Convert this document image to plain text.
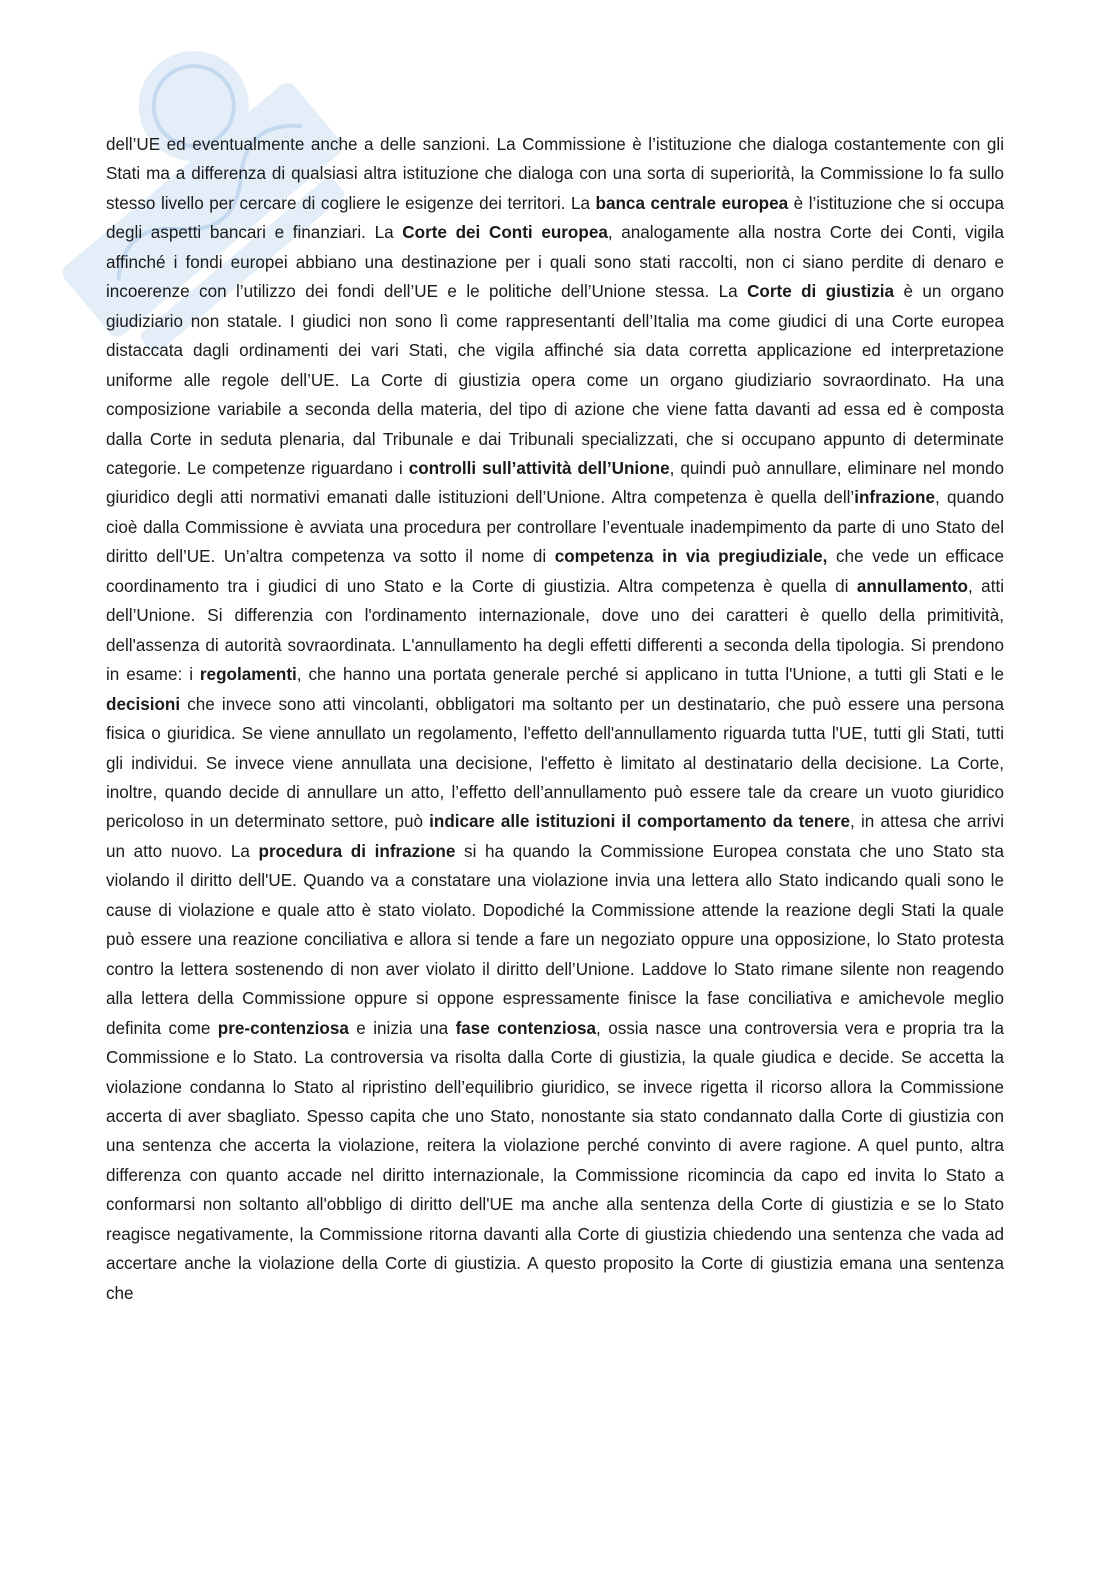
dell’UE ed eventualmente anche a delle sanzioni. La Commissione è l’istituzione che dialoga costantemente con gli Stati ma a differenza di qualsiasi altra istituzione che dialoga con una sorta di superiorità, la Commissione lo fa sullo stesso livello per cercare di cogliere le esigenze dei territori. La banca centrale europea è l’istituzione che si occupa degli aspetti bancari e finanziari. La Corte dei Conti europea, analogamente alla nostra Corte dei Conti, vigila affinché i fondi europei abbiano una destinazione per i quali sono stati raccolti, non ci siano perdite di denaro e incoerenze con l’utilizzo dei fondi dell’UE e le politiche dell’Unione stessa. La Corte di giustizia è un organo giudiziario non statale. I giudici non sono lì come rappresentanti dell’Italia ma come giudici di una Corte europea distaccata dagli ordinamenti dei vari Stati, che vigila affinché sia data corretta applicazione ed interpretazione uniforme alle regole dell’UE. La Corte di giustizia opera come un organo giudiziario sovraordinato. Ha una composizione variabile a seconda della materia, del tipo di azione che viene fatta davanti ad essa ed è composta dalla Corte in seduta plenaria, dal Tribunale e dai Tribunali specializzati, che si occupano appunto di determinate categorie. Le competenze riguardano i controlli sull’attività dell’Unione, quindi può annullare, eliminare nel mondo giuridico degli atti normativi emanati dalle istituzioni dell’Unione. Altra competenza è quella dell’infrazione, quando cioè dalla Commissione è avviata una procedura per controllare l’eventuale inadempimento da parte di uno Stato del diritto dell’UE. Un’altra competenza va sotto il nome di competenza in via pregiudiziale, che vede un efficace coordinamento tra i giudici di uno Stato e la Corte di giustizia. Altra competenza è quella di annullamento, atti dell’Unione. Si differenzia con l'ordinamento internazionale, dove uno dei caratteri è quello della primitività, dell'assenza di autorità sovraordinata. L'annullamento ha degli effetti differenti a seconda della tipologia. Si prendono in esame: i regolamenti, che hanno una portata generale perché si applicano in tutta l'Unione, a tutti gli Stati e le decisioni che invece sono atti vincolanti, obbligatori ma soltanto per un destinatario, che può essere una persona fisica o giuridica. Se viene annullato un regolamento, l'effetto dell'annullamento riguarda tutta l'UE, tutti gli Stati, tutti gli individui. Se invece viene annullata una decisione, l'effetto è limitato al destinatario della decisione. La Corte, inoltre, quando decide di annullare un atto, l’effetto dell’annullamento può essere tale da creare un vuoto giuridico pericoloso in un determinato settore, può indicare alle istituzioni il comportamento da tenere, in attesa che arrivi un atto nuovo. La procedura di infrazione si ha quando la Commissione Europea constata che uno Stato sta violando il diritto dell'UE. Quando va a constatare una violazione invia una lettera allo Stato indicando quali sono le cause di violazione e quale atto è stato violato. Dopodiché la Commissione attende la reazione degli Stati la quale può essere una reazione conciliativa e allora si tende a fare un negoziato oppure una opposizione, lo Stato protesta contro la lettera sostenendo di non aver violato il diritto dell’Unione. Laddove lo Stato rimane silente non reagendo alla lettera della Commissione oppure si oppone espressamente finisce la fase conciliativa e amichevole meglio definita come pre-contenziosa e inizia una fase contenziosa, ossia nasce una controversia vera e propria tra la Commissione e lo Stato. La controversia va risolta dalla Corte di giustizia, la quale giudica e decide. Se accetta la violazione condanna lo Stato al ripristino dell’equilibrio giuridico, se invece rigetta il ricorso allora la Commissione accerta di aver sbagliato. Spesso capita che uno Stato, nonostante sia stato condannato dalla Corte di giustizia con una sentenza che accerta la violazione, reitera la violazione perché convinto di avere ragione. A quel punto, altra differenza con quanto accade nel diritto internazionale, la Commissione ricomincia da capo ed invita lo Stato a conformarsi non soltanto all'obbligo di diritto dell'UE ma anche alla sentenza della Corte di giustizia e se lo Stato reagisce negativamente, la Commissione ritorna davanti alla Corte di giustizia chiedendo una sentenza che vada ad accertare anche la violazione della Corte di giustizia. A questo proposito la Corte di giustizia emana una sentenza che
